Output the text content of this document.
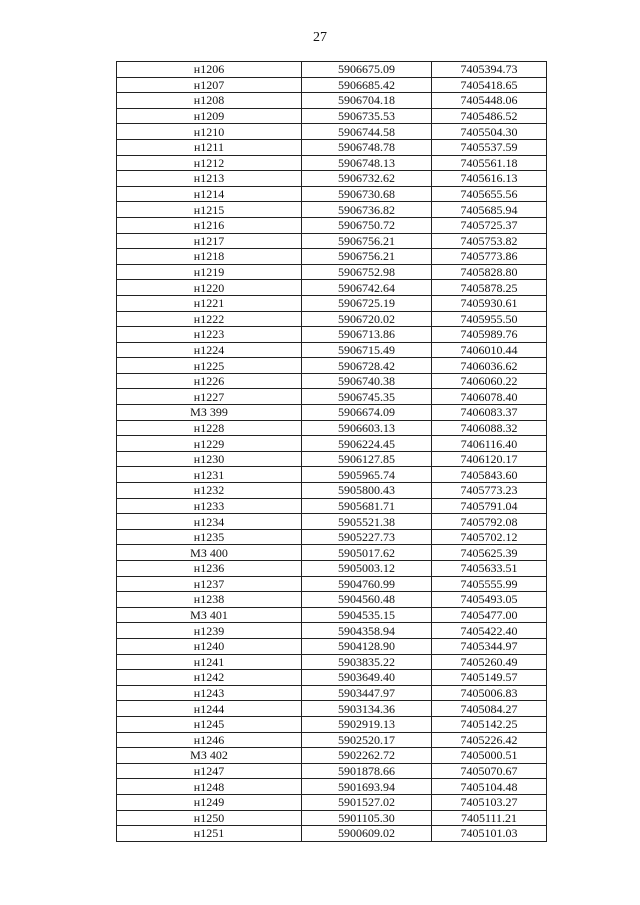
27
н1206	5906675.09	7405394.73
н1207	5906685.42	7405418.65
н1208	5906704.18	7405448.06
н1209	5906735.53	7405486.52
н1210	5906744.58	7405504.30
н1211	5906748.78	7405537.59
н1212	5906748.13	7405561.18
н1213	5906732.62	7405616.13
н1214	5906730.68	7405655.56
н1215	5906736.82	7405685.94
н1216	5906750.72	7405725.37
н1217	5906756.21	7405753.82
н1218	5906756.21	7405773.86
н1219	5906752.98	7405828.80
н1220	5906742.64	7405878.25
н1221	5906725.19	7405930.61
н1222	5906720.02	7405955.50
н1223	5906713.86	7405989.76
н1224	5906715.49	7406010.44
н1225	5906728.42	7406036.62
н1226	5906740.38	7406060.22
н1227	5906745.35	7406078.40
МЗ 399	5906674.09	7406083.37
н1228	5906603.13	7406088.32
н1229	5906224.45	7406116.40
н1230	5906127.85	7406120.17
н1231	5905965.74	7405843.60
н1232	5905800.43	7405773.23
н1233	5905681.71	7405791.04
н1234	5905521.38	7405792.08
н1235	5905227.73	7405702.12
МЗ 400	5905017.62	7405625.39
н1236	5905003.12	7405633.51
н1237	5904760.99	7405555.99
н1238	5904560.48	7405493.05
МЗ 401	5904535.15	7405477.00
н1239	5904358.94	7405422.40
н1240	5904128.90	7405344.97
н1241	5903835.22	7405260.49
н1242	5903649.40	7405149.57
н1243	5903447.97	7405006.83
н1244	5903134.36	7405084.27
н1245	5902919.13	7405142.25
н1246	5902520.17	7405226.42
МЗ 402	5902262.72	7405000.51
н1247	5901878.66	7405070.67
н1248	5901693.94	7405104.48
н1249	5901527.02	7405103.27
н1250	5901105.30	7405111.21
н1251	5900609.02	7405101.03
